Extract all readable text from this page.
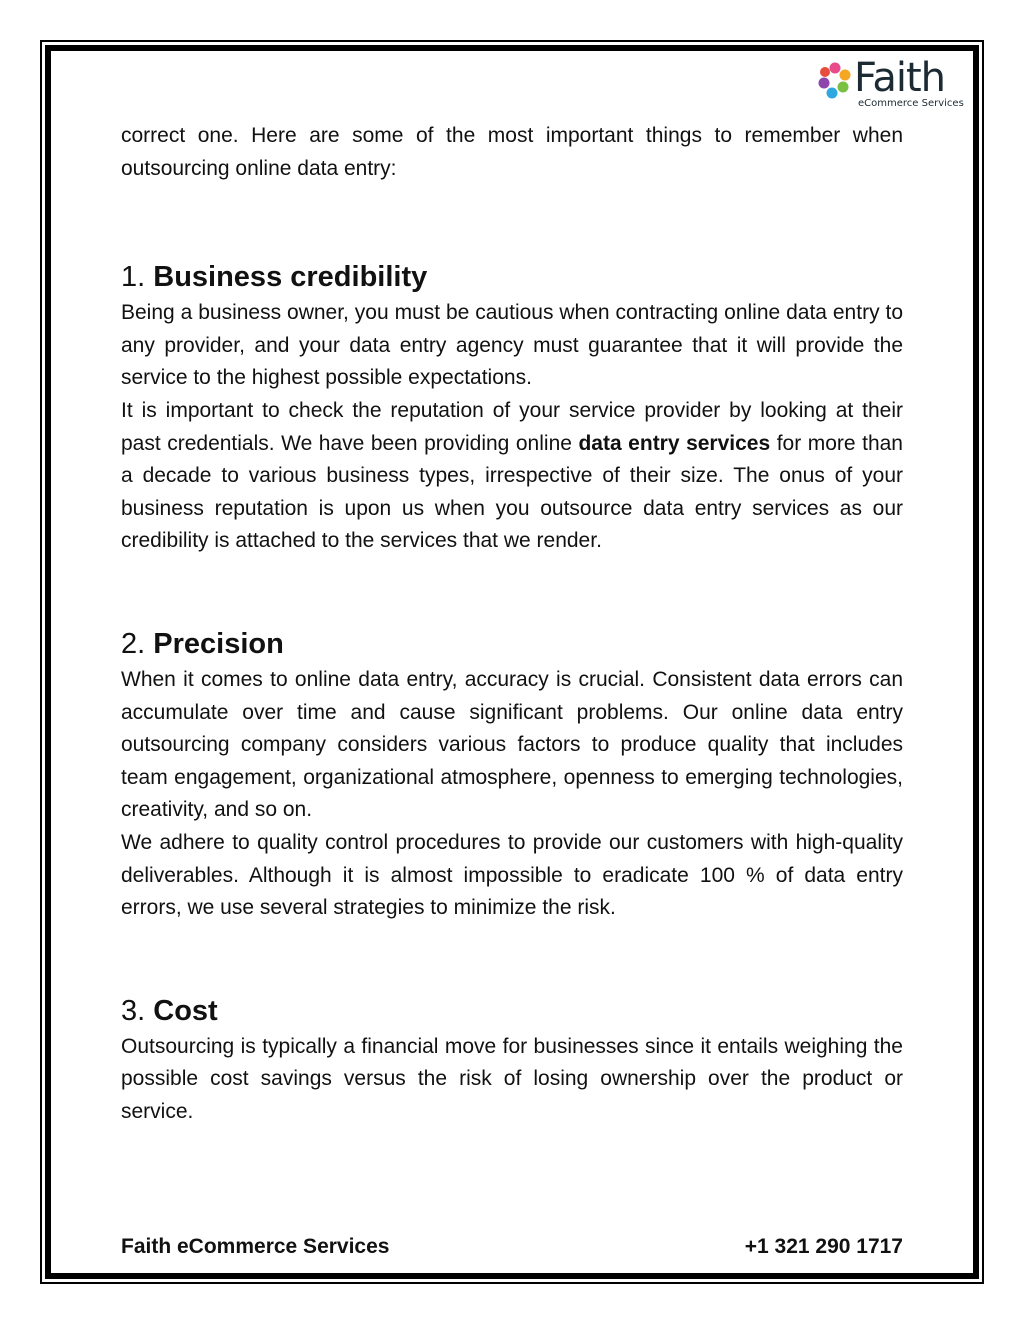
Faith
eCommerce Services

correct one. Here are some of the most important things to remember when outsourcing online data entry:

1. Business credibility

Being a business owner, you must be cautious when contracting online data entry to any provider, and your data entry agency must guarantee that it will provide the service to the highest possible expectations.

It is important to check the reputation of your service provider by looking at their past credentials. We have been providing online data entry services for more than a decade to various business types, irrespective of their size. The onus of your business reputation is upon us when you outsource data entry services as our credibility is attached to the services that we render.

2. Precision

When it comes to online data entry, accuracy is crucial. Consistent data errors can accumulate over time and cause significant problems. Our online data entry outsourcing company considers various factors to produce quality that includes team engagement, organizational atmosphere, openness to emerging technologies, creativity, and so on.

We adhere to quality control procedures to provide our customers with high-quality deliverables. Although it is almost impossible to eradicate 100 % of data entry errors, we use several strategies to minimize the risk.

3. Cost

Outsourcing is typically a financial move for businesses since it entails weighing the possible cost savings versus the risk of losing ownership over the product or service.

Faith eCommerce Services	+1 321 290 1717
